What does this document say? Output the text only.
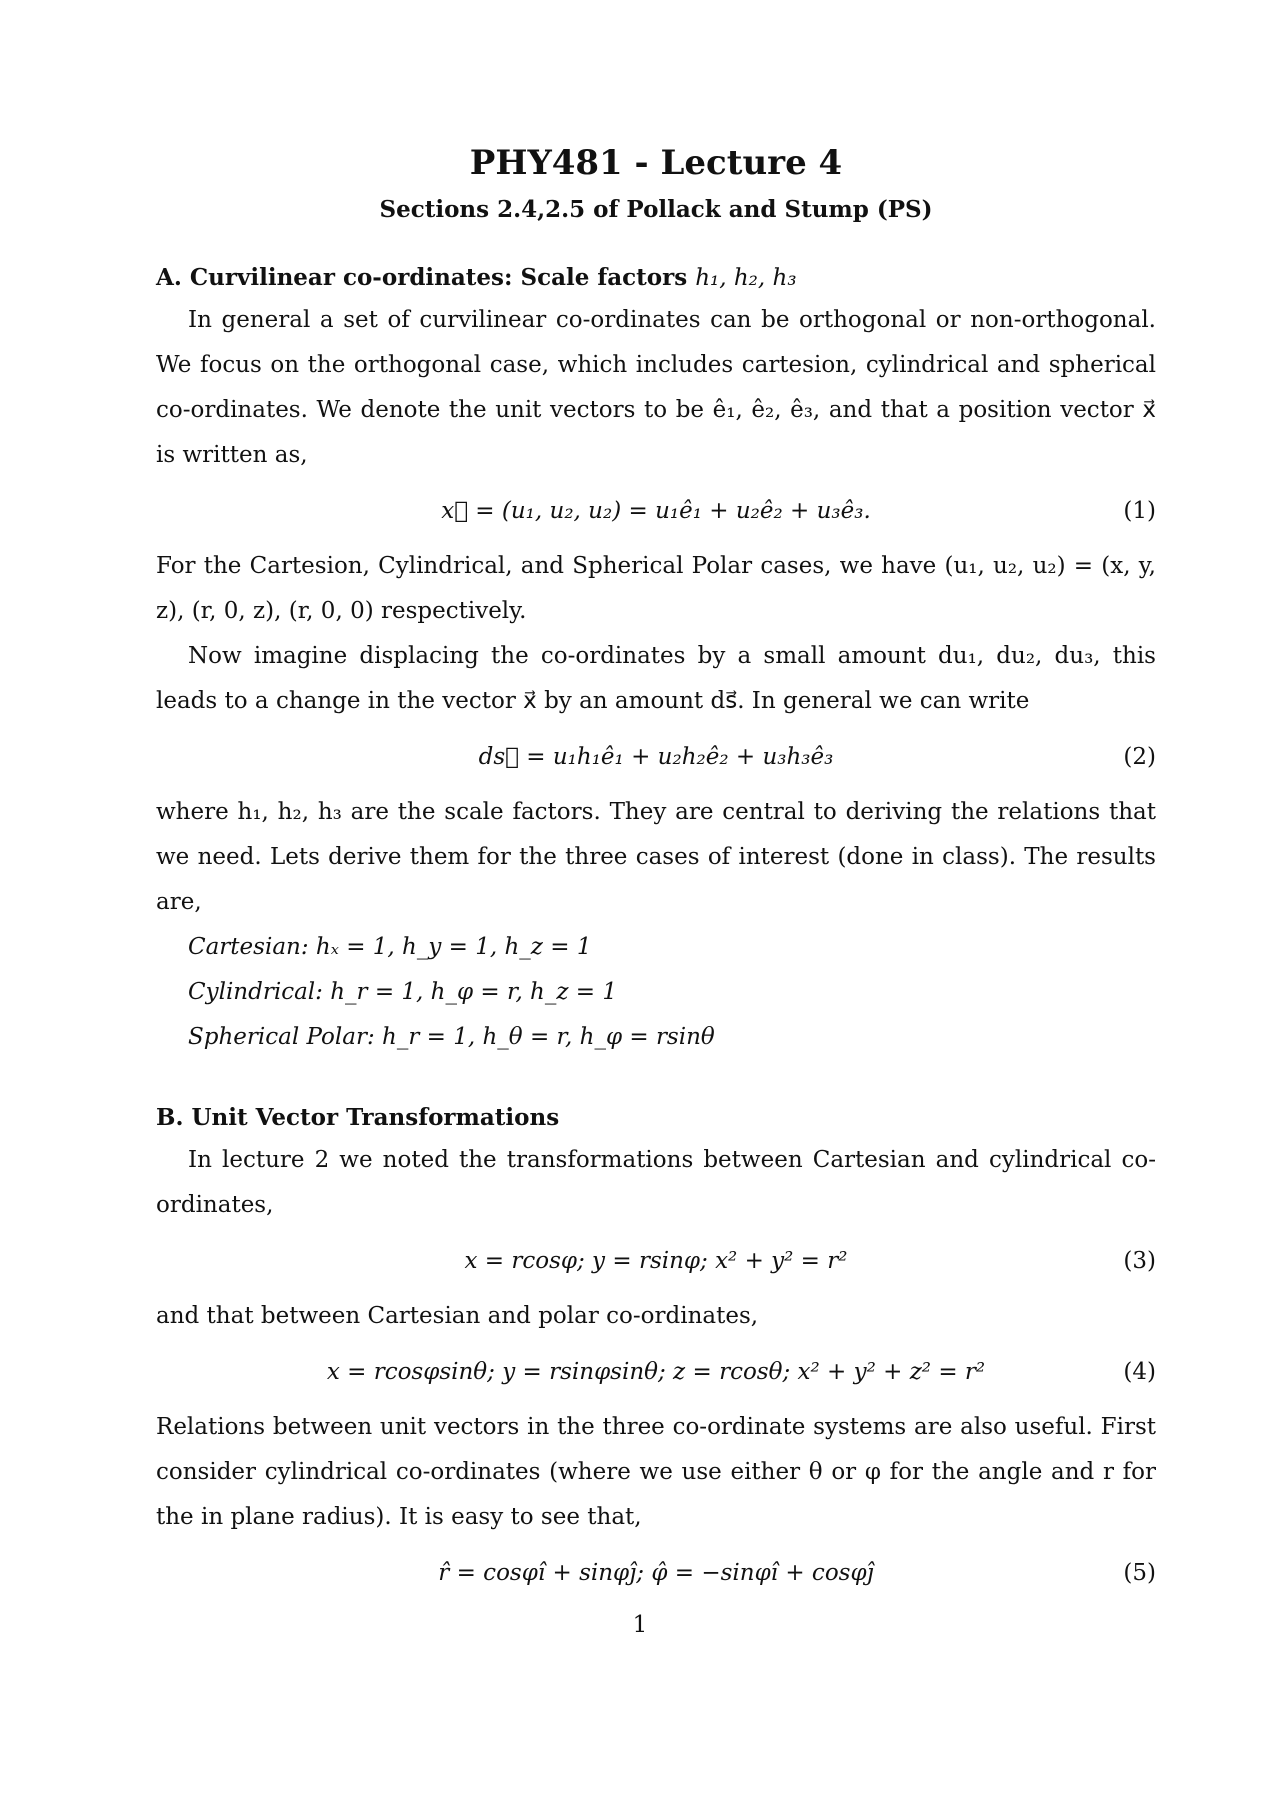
PHY481 - Lecture 4

Sections 2.4,2.5 of Pollack and Stump (PS)

A. Curvilinear co-ordinates: Scale factors h₁, h₂, h₃

In general a set of curvilinear co-ordinates can be orthogonal or non-orthogonal. We focus on the orthogonal case, which includes cartesion, cylindrical and spherical co-ordinates. We denote the unit vectors to be ê₁, ê₂, ê₃, and that a position vector x⃗ is written as,

x⃗ = (u₁, u₂, u₂) = u₁ê₁ + u₂ê₂ + u₃ê₃.	(1)

For the Cartesion, Cylindrical, and Spherical Polar cases, we have (u₁, u₂, u₂) = (x, y, z), (r, 0, z), (r, 0, 0) respectively.

Now imagine displacing the co-ordinates by a small amount du₁, du₂, du₃, this leads to a change in the vector x⃗ by an amount ds⃗. In general we can write

ds⃗ = u₁h₁ê₁ + u₂h₂ê₂ + u₃h₃ê₃	(2)

where h₁, h₂, h₃ are the scale factors. They are central to deriving the relations that we need. Lets derive them for the three cases of interest (done in class). The results are,

Cartesian: hₓ = 1, h_y = 1, h_z = 1

Cylindrical: h_r = 1, h_φ = r, h_z = 1

Spherical Polar: h_r = 1, h_θ = r, h_φ = rsinθ

B. Unit Vector Transformations

In lecture 2 we noted the transformations between Cartesian and cylindrical co-ordinates,

x = rcosφ; y = rsinφ; x² + y² = r²	(3)

and that between Cartesian and polar co-ordinates,

x = rcosφsinθ; y = rsinφsinθ; z = rcosθ; x² + y² + z² = r²	(4)

Relations between unit vectors in the three co-ordinate systems are also useful. First consider cylindrical co-ordinates (where we use either θ or φ for the angle and r for the in plane radius). It is easy to see that,

r̂ = cosφî + sinφĵ; φ̂ = −sinφî + cosφĵ	(5)
1
